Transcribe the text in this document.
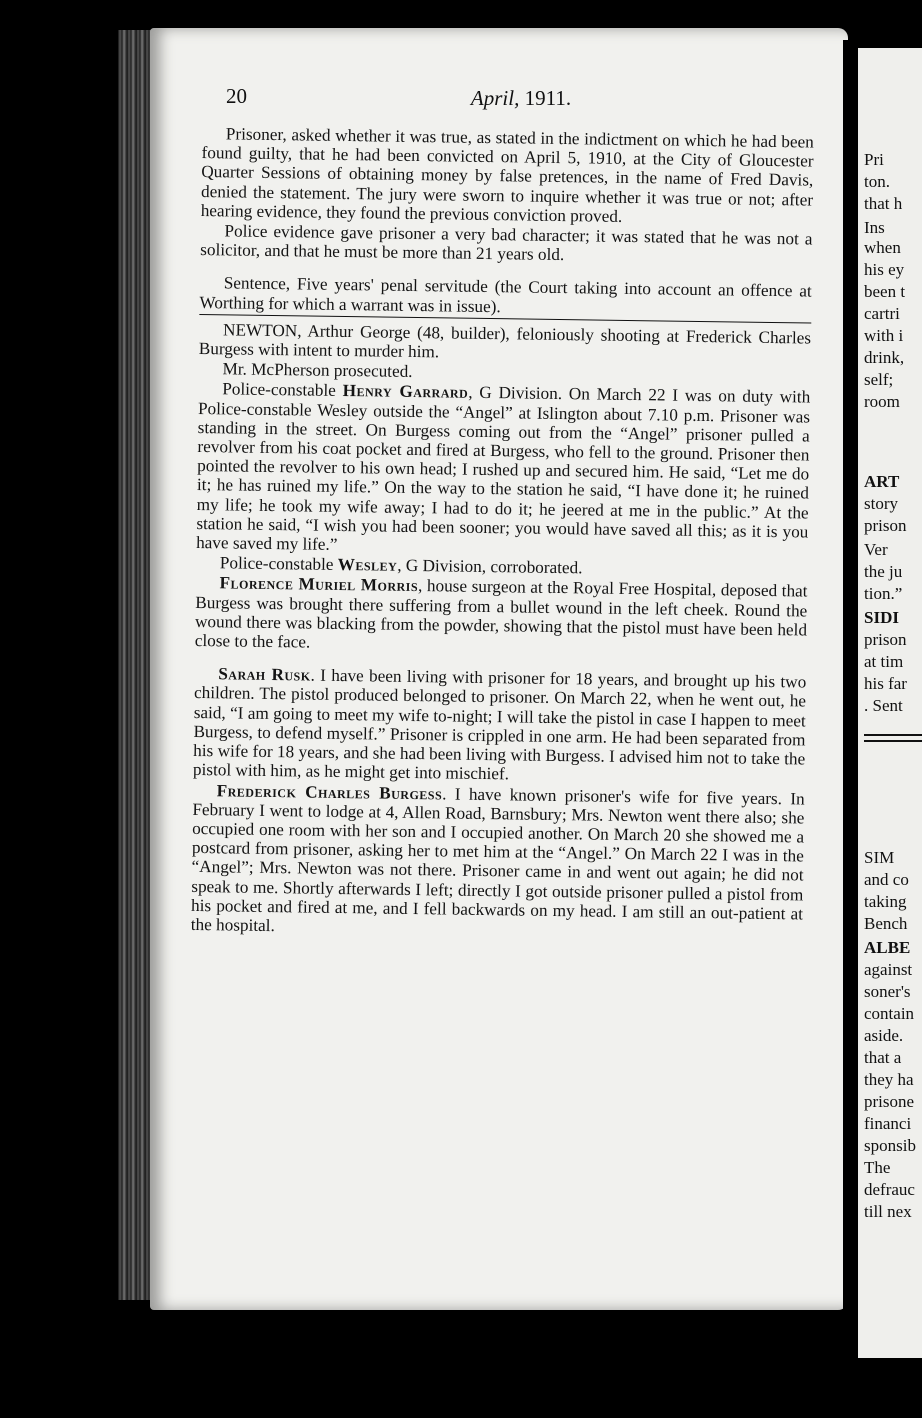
20	April, 1911.

Prisoner, asked whether it was true, as stated in the indictment on which he had been found guilty, that he had been convicted on April 5, 1910, at the City of Gloucester Quarter Sessions of obtaining money by false pretences, in the name of Fred Davis, denied the statement. The jury were sworn to inquire whether it was true or not; after hearing evidence, they found the previous conviction proved.

Police evidence gave prisoner a very bad character; it was stated that he was not a solicitor, and that he must be more than 21 years old.

Sentence, Five years' penal servitude (the Court taking into account an offence at Worthing for which a warrant was in issue).

NEWTON, Arthur George (48, builder), feloniously shooting at Frederick Charles Burgess with intent to murder him.

Mr. McPherson prosecuted.

Police-constable Henry Garrard, G Division. On March 22 I was on duty with Police-constable Wesley outside the “Angel” at Islington about 7.10 p.m. Prisoner was standing in the street. On Burgess coming out from the “Angel” prisoner pulled a revolver from his coat pocket and fired at Burgess, who fell to the ground. Prisoner then pointed the revolver to his own head; I rushed up and secured him. He said, “Let me do it; he has ruined my life.” On the way to the station he said, “I have done it; he ruined my life; he took my wife away; I had to do it; he jeered at me in the public.” At the station he said, “I wish you had been sooner; you would have saved all this; as it is you have saved my life.”

Police-constable Wesley, G Division, corroborated.

Florence Muriel Morris, house surgeon at the Royal Free Hospital, deposed that Burgess was brought there suffering from a bullet wound in the left cheek. Round the wound there was blacking from the powder, showing that the pistol must have been held close to the face.

Sarah Rusk. I have been living with prisoner for 18 years, and brought up his two children. The pistol produced belonged to prisoner. On March 22, when he went out, he said, “I am going to meet my wife to-night; I will take the pistol in case I happen to meet Burgess, to defend myself.” Prisoner is crippled in one arm. He had been separated from his wife for 18 years, and she had been living with Burgess. I advised him not to take the pistol with him, as he might get into mischief.

Frederick Charles Burgess. I have known prisoner's wife for five years. In February I went to lodge at 4, Allen Road, Barnsbury; Mrs. Newton went there also; she occupied one room with her son and I occupied another. On March 20 she showed me a postcard from prisoner, asking her to met him at the “Angel.” On March 22 I was in the “Angel”; Mrs. Newton was not there. Prisoner came in and went out again; he did not speak to me. Shortly afterwards I left; directly I got outside prisoner pulled a pistol from his pocket and fired at me, and I fell backwards on my head. I am still an out-patient at the hospital.

Pri
ton.
that h
Ins
when
his ey
been t
cartri
with i
drink,
self;
room
ART
story
prison
Ver
the ju
tion.”
SIDI
prison
at tim
his far
. Sent
SIM
and co
taking
Bench
ALBE
against
soner's
contain
aside.
that a
they ha
prisone
financi
sponsib
The
defrauc
till nex
